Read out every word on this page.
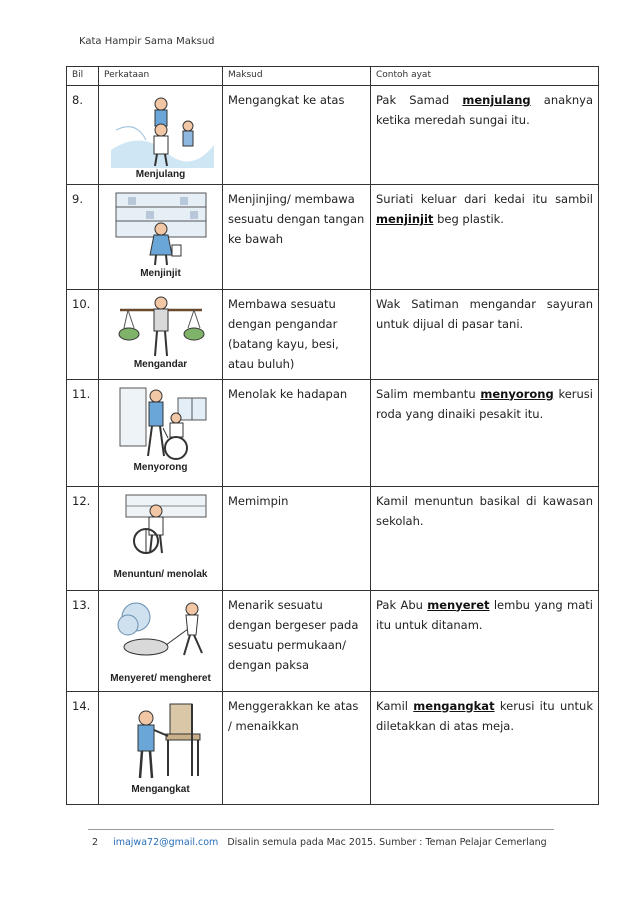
Kata Hampir Sama Maksud
Bil	Perkataan	Maksud	Contoh ayat
8.	Menjulang	Mengangkat ke atas	Pak Samad menjulang anaknya ketika meredah sungai itu.
9.	Menjinjit	Menjinjing/ membawa sesuatu dengan tangan ke bawah	Suriati keluar dari kedai itu sambil menjinjit beg plastik.
10.	Mengandar	Membawa sesuatu dengan pengandar (batang kayu, besi, atau buluh)	Wak Satiman mengandar sayuran untuk dijual di pasar tani.
11.	Menyorong	Menolak ke hadapan	Salim membantu menyorong kerusi roda yang dinaiki pesakit itu.
12.	Menuntun/ menolak	Memimpin	Kamil menuntun basikal di kawasan sekolah.
13.	Menyeret/ mengheret	Menarik sesuatu dengan bergeser pada sesuatu permukaan/ dengan paksa	Pak Abu menyeret lembu yang mati itu untuk ditanam.
14.	Mengangkat	Menggerakkan ke atas / menaikkan	Kamil mengangkat kerusi itu untuk diletakkan di atas meja.
2 imajwa72@gmail.com Disalin semula pada Mac 2015. Sumber : Teman Pelajar Cemerlang
